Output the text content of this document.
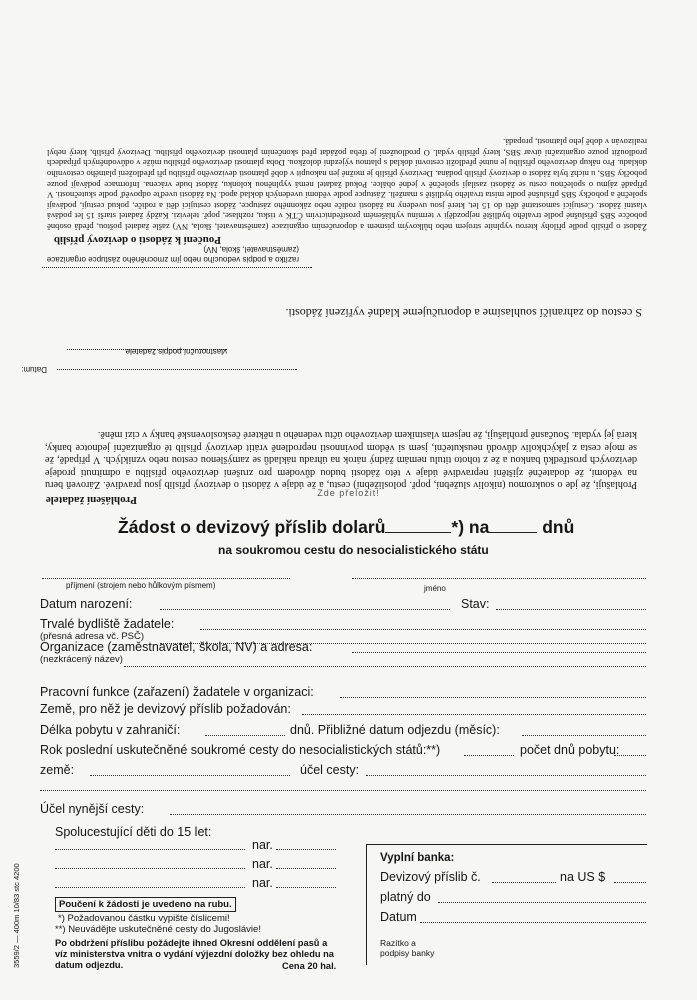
Poučení k žádosti o devizový příslib
Žádost o příslib podle přílohy kterou vyplníte strojem nebo hůlkovým písmem a doporučením organizace (zaměstnavatel, škola, NV) zašle žadatel poštou, předá osobně pobočce SBS příslušné podle trvalého bydliště nejpozději v termínu vyhlášeném prostřednictvím ČTK v tisku, rozhlase, popř. televizi. Každý žadatel starší 15 let podává vlastní žádost. Cestující samostatně děti do 15 let, které jsou uvedeny na žádosti rodiče nebo zákonného zástupce, žádost cestující dětí a rodiče, pokud cestují, podávají společně a pobočky SBS příslušné podle místa trvalého bydliště s manželi. Zástupce podle vědomí uvedených doklad apod. Na žádosti uveďte odpověď podle skutečnosti. V případě zájmu o společnou cestu se žádosti zasílají společně v jedné obálce. Pokud žadatel nemá vyplněnou kolonku, žádost bude vrácena. Informace podávají pouze pobočky SBS, u nichž byla žádost o devizový příslib podána. Devizový příslib je možné jen nakoupit v době platnosti devizového příslibu při předložení platného cestovního dokladu. Pro nákup devizového příslibu je nutné předložit cestovní doklad s platnou výjezdní doložkou. Doba platnosti devizového příslibu může v odůvodněných případech prodloužit pouze organizační útvar SBS, který příslib vydal. O prodloužení je třeba požádat před skončením platnosti devizového příslibu. Devizový příslib, který nebyl realizován v době jeho platnosti, propadá.
razítko a podpis vedoucího nebo jím zmocněného zástupce organizace (zaměstnavatel, škola, NV)
S cestou do zahraničí souhlasíme a doporučujeme kladné vyřízení žádosti.
Datum:
vlastnoruční podpis žadatele
Prohlášení žadatele
Prohlašuji, že jde o soukromou (nikoliv služební, popř. polosližební) cestu, a že údaje v žádosti o devizový příslib jsou pravdivé. Zároveň beru na vědomí, že dodatečné zjištění nepravdivé údaje v této žádosti budou důvodem pro zrušení devizového příslibu a odmítnutí prodeje devizových prostředků bankou a že z tohoto titulu nemám žádný nárok na úhradu nákladů se zamýšlenou cestou nebo vzniklých. V případě, že se moje cesta z jakýchkoliv důvodů neuskuteční, jsem si vědom povinnosti neprodleně vrátit devizový příslib té organizační jednotce banky, která jej vydala. Současně prohlašuji, že nejsem vlastníkem devizového účtu vedeného u některé československé banky v cizí měně.
Zde přeložit!
Žádost o devizový příslib dolarů	*) na	dnů
na soukromou cestu do nesocialistického státu
příjmení (strojem nebo hůlkovým písmem)	jméno
Datum narození:	Stav:
Trvalé bydliště žadatele:
(přesná adresa vč. PSČ)
Organizace (zaměstnavatel, škola, NV) a adresa:
(nezkrácený název)
Pracovní funkce (zařazení) žadatele v organizaci:
Země, pro něž je devizový příslib požadován:
Délka pobytu v zahraničí:	dnů. Přibližné datum odjezdu (měsíc):
Rok poslední uskutečněné soukromé cesty do nesocialistických států:**)	počet dnů pobytu:
země:	účel cesty:
Účel nynější cesty:
Spolucestující děti do 15 let:
nar.
nar.
nar.
Poučení k žádosti je uvedeno na rubu.
*) Požadovanou částku vypište číslicemi!
**) Neuvádějte uskutečněné cesty do Jugoslávie!
Po obdržení příslibu požádejte ihned Okresní oddělení pasů a víz ministerstva vnitra o vydání výjezdní doložky bez ohledu na datum odjezdu.	Cena 20 hal.
3559/2 — 400m 10/83 stc 4200
Vyplní banka:
Devizový příslib č.	na US $
platný do
Datum
Razítko a podpisy banky
